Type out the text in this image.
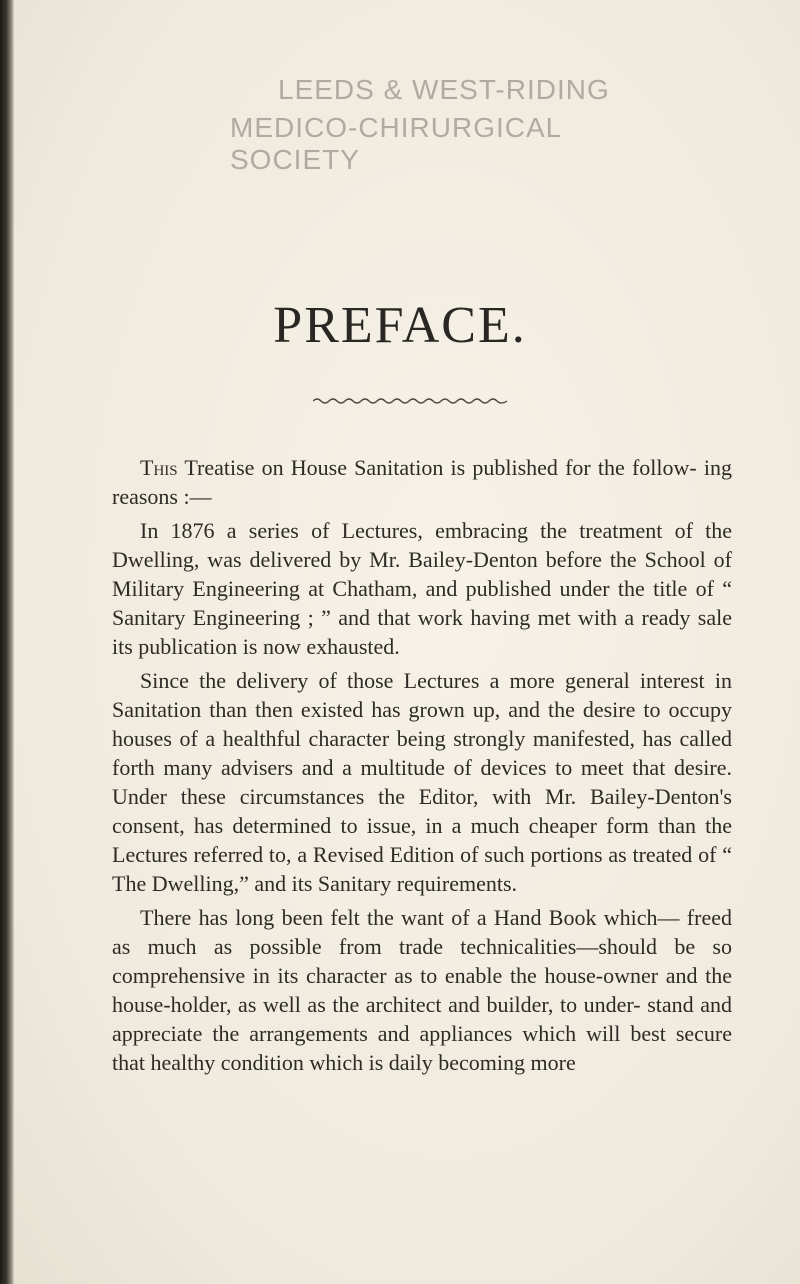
LEEDS & WEST-RIDING
MEDICO-CHIRURGICAL SOCIETY
PREFACE.

This Treatise on House Sanitation is published for the follow- ing reasons :—

In 1876 a series of Lectures, embracing the treatment of the Dwelling, was delivered by Mr. Bailey-Denton before the School of Military Engineering at Chatham, and published under the title of “ Sanitary Engineering ; ” and that work having met with a ready sale its publication is now exhausted.

Since the delivery of those Lectures a more general interest in Sanitation than then existed has grown up, and the desire to occupy houses of a healthful character being strongly manifested, has called forth many advisers and a multitude of devices to meet that desire. Under these circumstances the Editor, with Mr. Bailey-Denton's consent, has determined to issue, in a much cheaper form than the Lectures referred to, a Revised Edition of such portions as treated of “ The Dwelling,” and its Sanitary requirements.

There has long been felt the want of a Hand Book which— freed as much as possible from trade technicalities—should be so comprehensive in its character as to enable the house-owner and the house-holder, as well as the architect and builder, to under- stand and appreciate the arrangements and appliances which will best secure that healthy condition which is daily becoming more
